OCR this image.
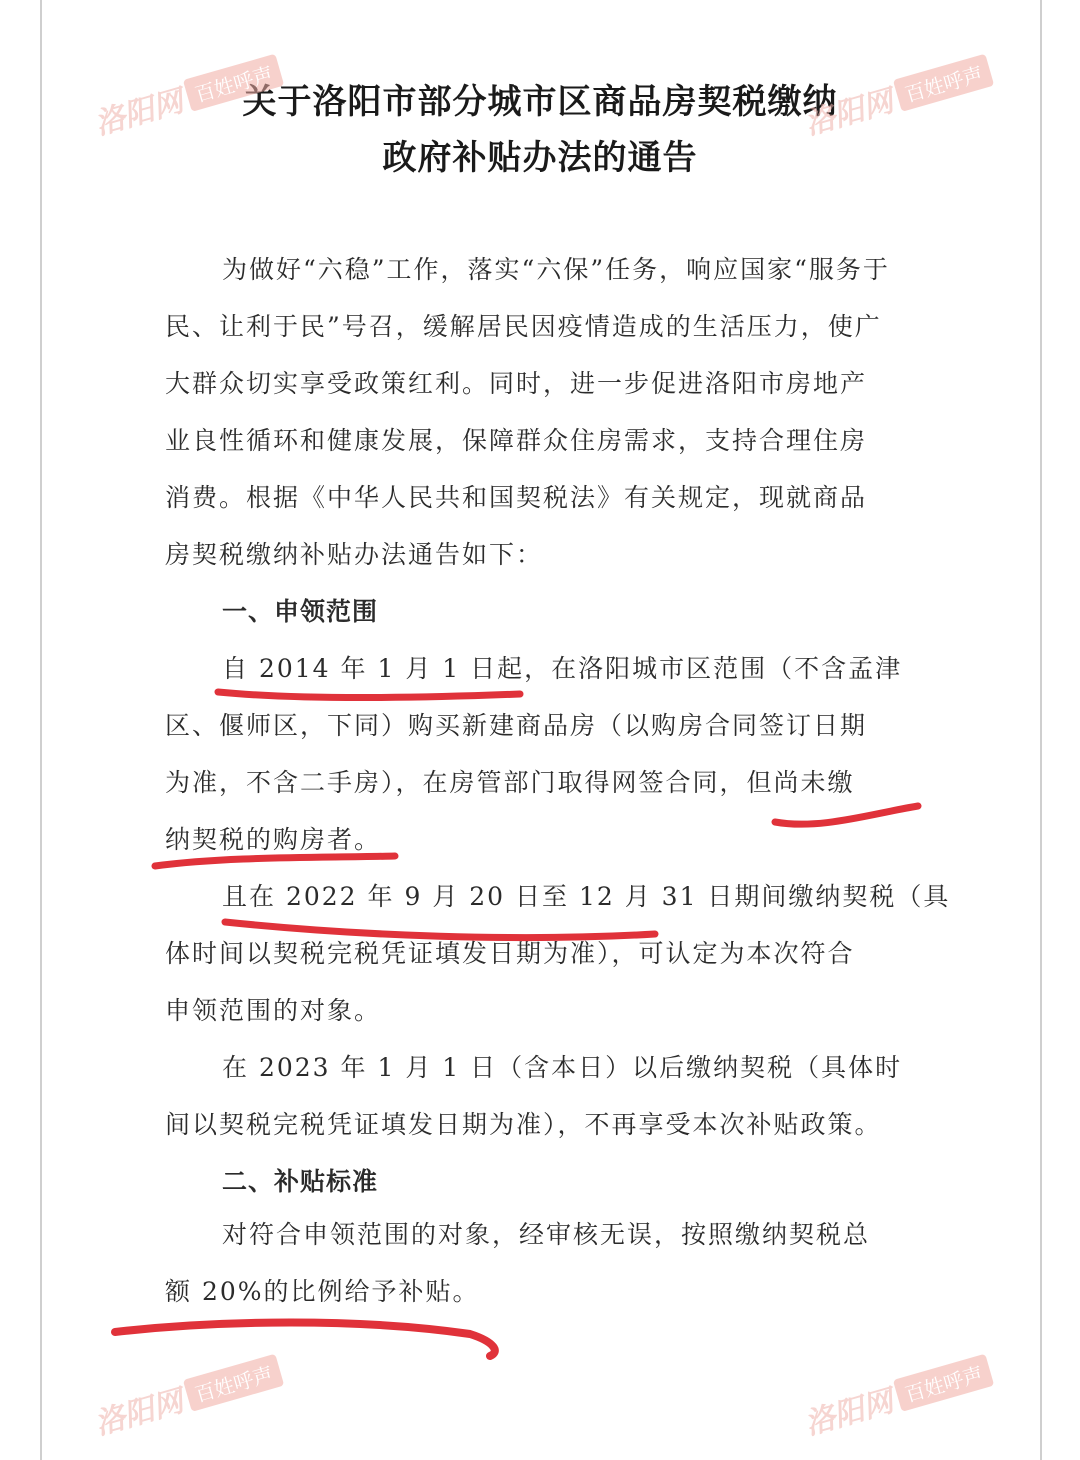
关于洛阳市部分城市区商品房契税缴纳
政府补贴办法的通告
为做好“六稳”工作，落实“六保”任务，响应国家“服务于
民、让利于民”号召，缓解居民因疫情造成的生活压力，使广
大群众切实享受政策红利。同时，进一步促进洛阳市房地产
业良性循环和健康发展，保障群众住房需求，支持合理住房
消费。根据《中华人民共和国契税法》有关规定，现就商品
房契税缴纳补贴办法通告如下：
一、申领范围
自 2014 年 1 月 1 日起，在洛阳城市区范围（不含孟津
区、偃师区，下同）购买新建商品房（以购房合同签订日期
为准，不含二手房），在房管部门取得网签合同，但尚未缴
纳契税的购房者。
且在 2022 年 9 月 20 日至 12 月 31 日期间缴纳契税（具
体时间以契税完税凭证填发日期为准），可认定为本次符合
申领范围的对象。
在 2023 年 1 月 1 日（含本日）以后缴纳契税（具体时
间以契税完税凭证填发日期为准），不再享受本次补贴政策。
二、补贴标准
对符合申领范围的对象，经审核无误，按照缴纳契税总
额 20%的比例给予补贴。
洛阳网 百姓呼声	洛阳网 百姓呼声
洛阳网 百姓呼声	洛阳网 百姓呼声
